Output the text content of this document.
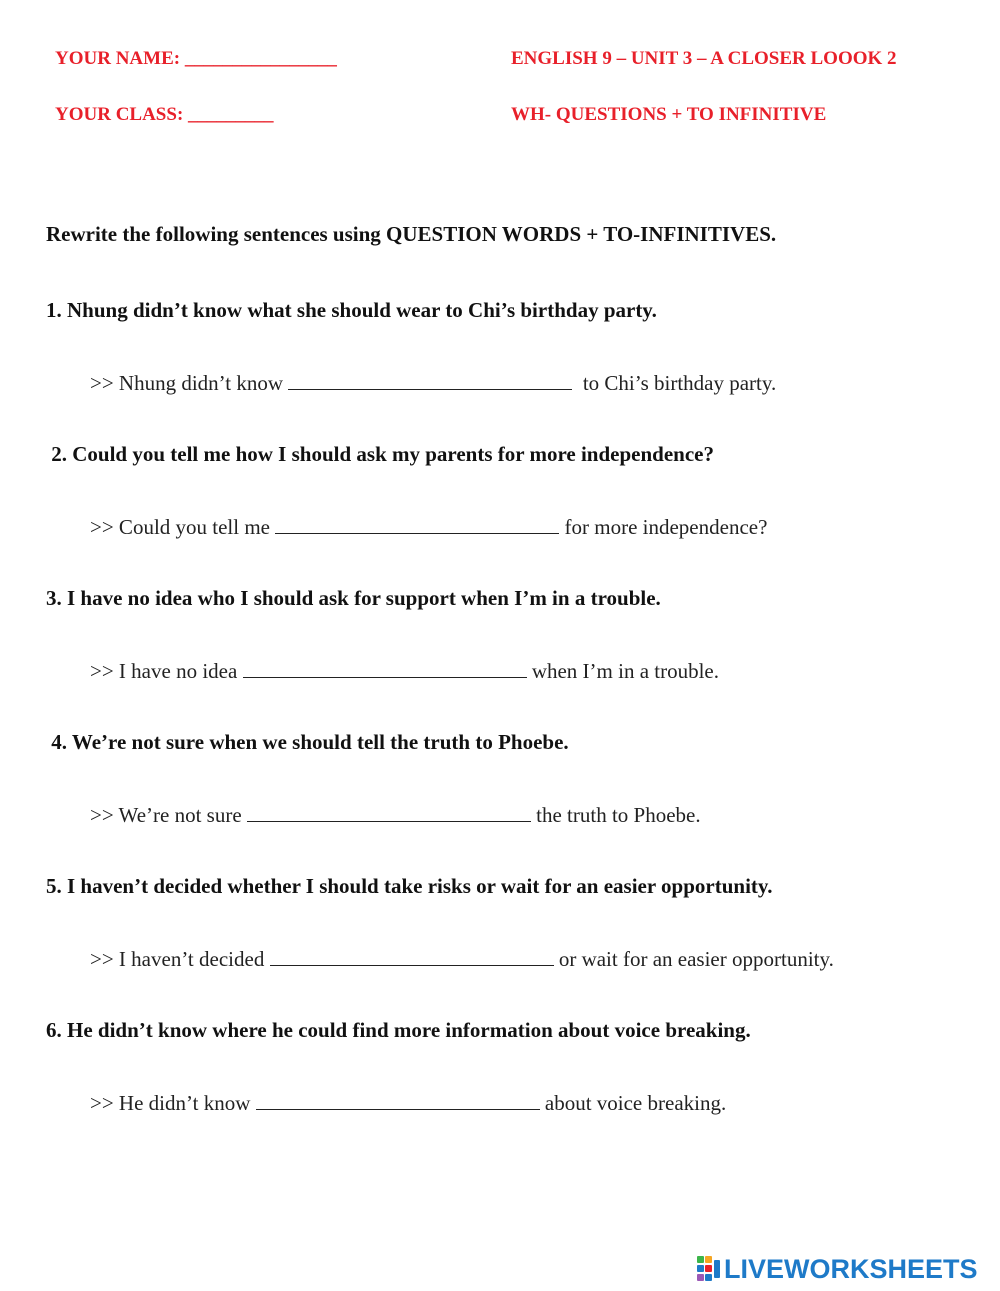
YOUR NAME: ________________
YOUR CLASS: _________
ENGLISH 9 – UNIT 3 – A CLOSER LOOOK 2
WH- QUESTIONS + TO INFINITIVE
Rewrite the following sentences using QUESTION WORDS + TO-INFINITIVES.
1. Nhung didn’t know what she should wear to Chi’s birthday party.
>> Nhung didn’t know	to Chi’s birthday party.
2. Could you tell me how I should ask my parents for more independence?
>> Could you tell me	for more independence?
3. I have no idea who I should ask for support when I’m in a trouble.
>> I have no idea	when I’m in a trouble.
4. We’re not sure when we should tell the truth to Phoebe.
>> We’re not sure	the truth to Phoebe.
5. I haven’t decided whether I should take risks or wait for an easier opportunity.
>> I haven’t decided	or wait for an easier opportunity.
6. He didn’t know where he could find more information about voice breaking.
>> He didn’t know	about voice breaking.
LIVEWORKSHEETS
